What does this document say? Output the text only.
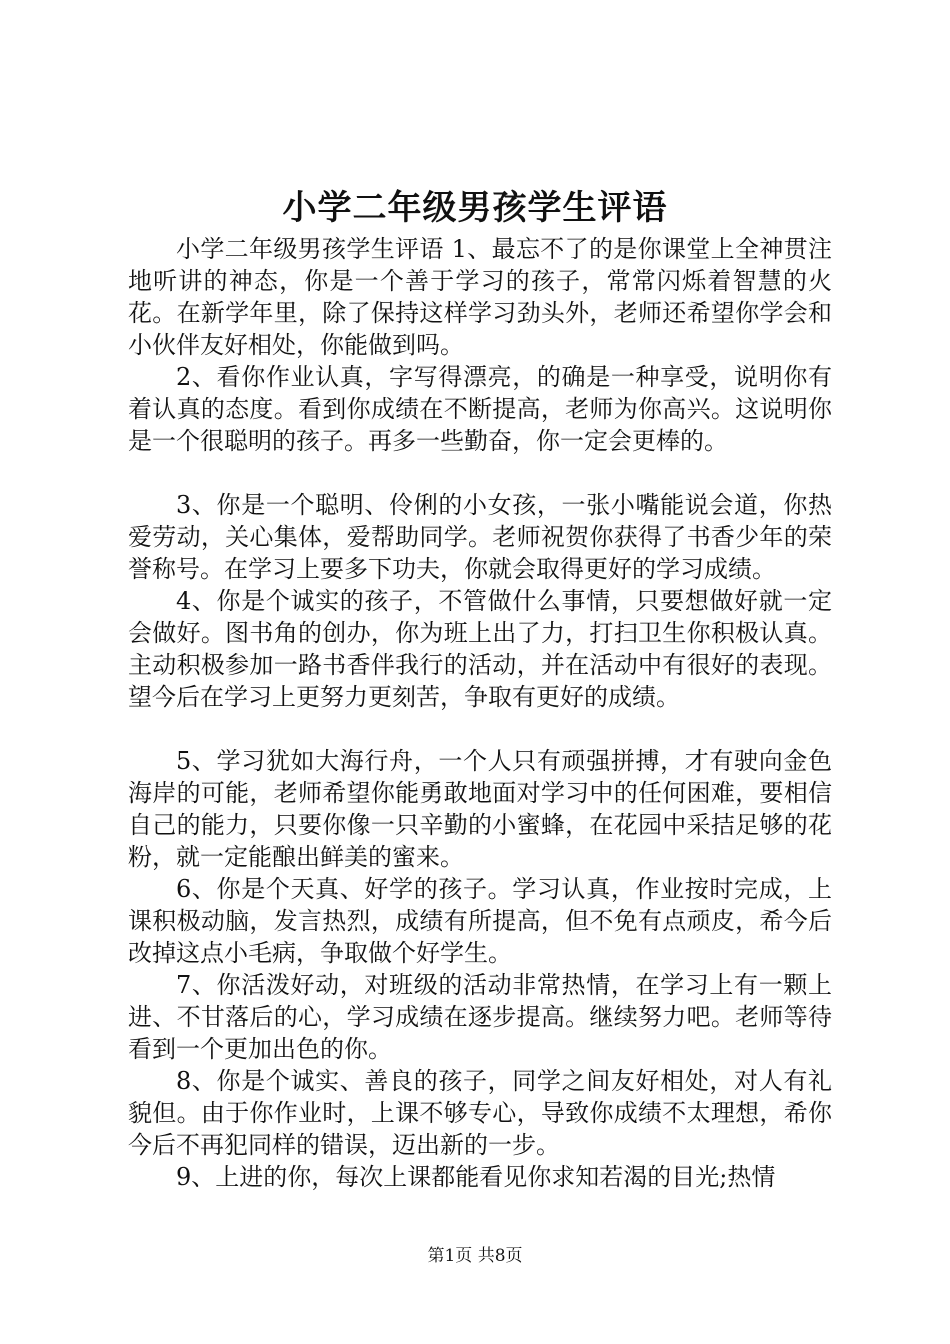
小学二年级男孩学生评语

小学二年级男孩学生评语 1、最忘不了的是你课堂上全神贯注地听讲的神态，你是一个善于学习的孩子，常常闪烁着智慧的火花。在新学年里，除了保持这样学习劲头外，老师还希望你学会和小伙伴友好相处，你能做到吗。

2、看你作业认真，字写得漂亮，的确是一种享受，说明你有着认真的态度。看到你成绩在不断提高，老师为你高兴。这说明你是一个很聪明的孩子。再多一些勤奋，你一定会更棒的。

3、你是一个聪明、伶俐的小女孩，一张小嘴能说会道，你热爱劳动，关心集体，爱帮助同学。老师祝贺你获得了书香少年的荣誉称号。在学习上要多下功夫，你就会取得更好的学习成绩。

4、你是个诚实的孩子，不管做什么事情，只要想做好就一定会做好。图书角的创办，你为班上出了力，打扫卫生你积极认真。主动积极参加一路书香伴我行的活动，并在活动中有很好的表现。望今后在学习上更努力更刻苦，争取有更好的成绩。

5、学习犹如大海行舟，一个人只有顽强拼搏，才有驶向金色海岸的可能，老师希望你能勇敢地面对学习中的任何困难，要相信自己的能力，只要你像一只辛勤的小蜜蜂，在花园中采拮足够的花粉，就一定能酿出鲜美的蜜来。

6、你是个天真、好学的孩子。学习认真，作业按时完成，上课积极动脑，发言热烈，成绩有所提高，但不免有点顽皮，希今后改掉这点小毛病，争取做个好学生。

7、你活泼好动，对班级的活动非常热情，在学习上有一颗上进、不甘落后的心，学习成绩在逐步提高。继续努力吧。老师等待看到一个更加出色的你。

8、你是个诚实、善良的孩子，同学之间友好相处，对人有礼貌但。由于你作业时，上课不够专心，导致你成绩不太理想，希你今后不再犯同样的错误，迈出新的一步。

9、上进的你，每次上课都能看见你求知若渴的目光;热情

第1页 共8页
